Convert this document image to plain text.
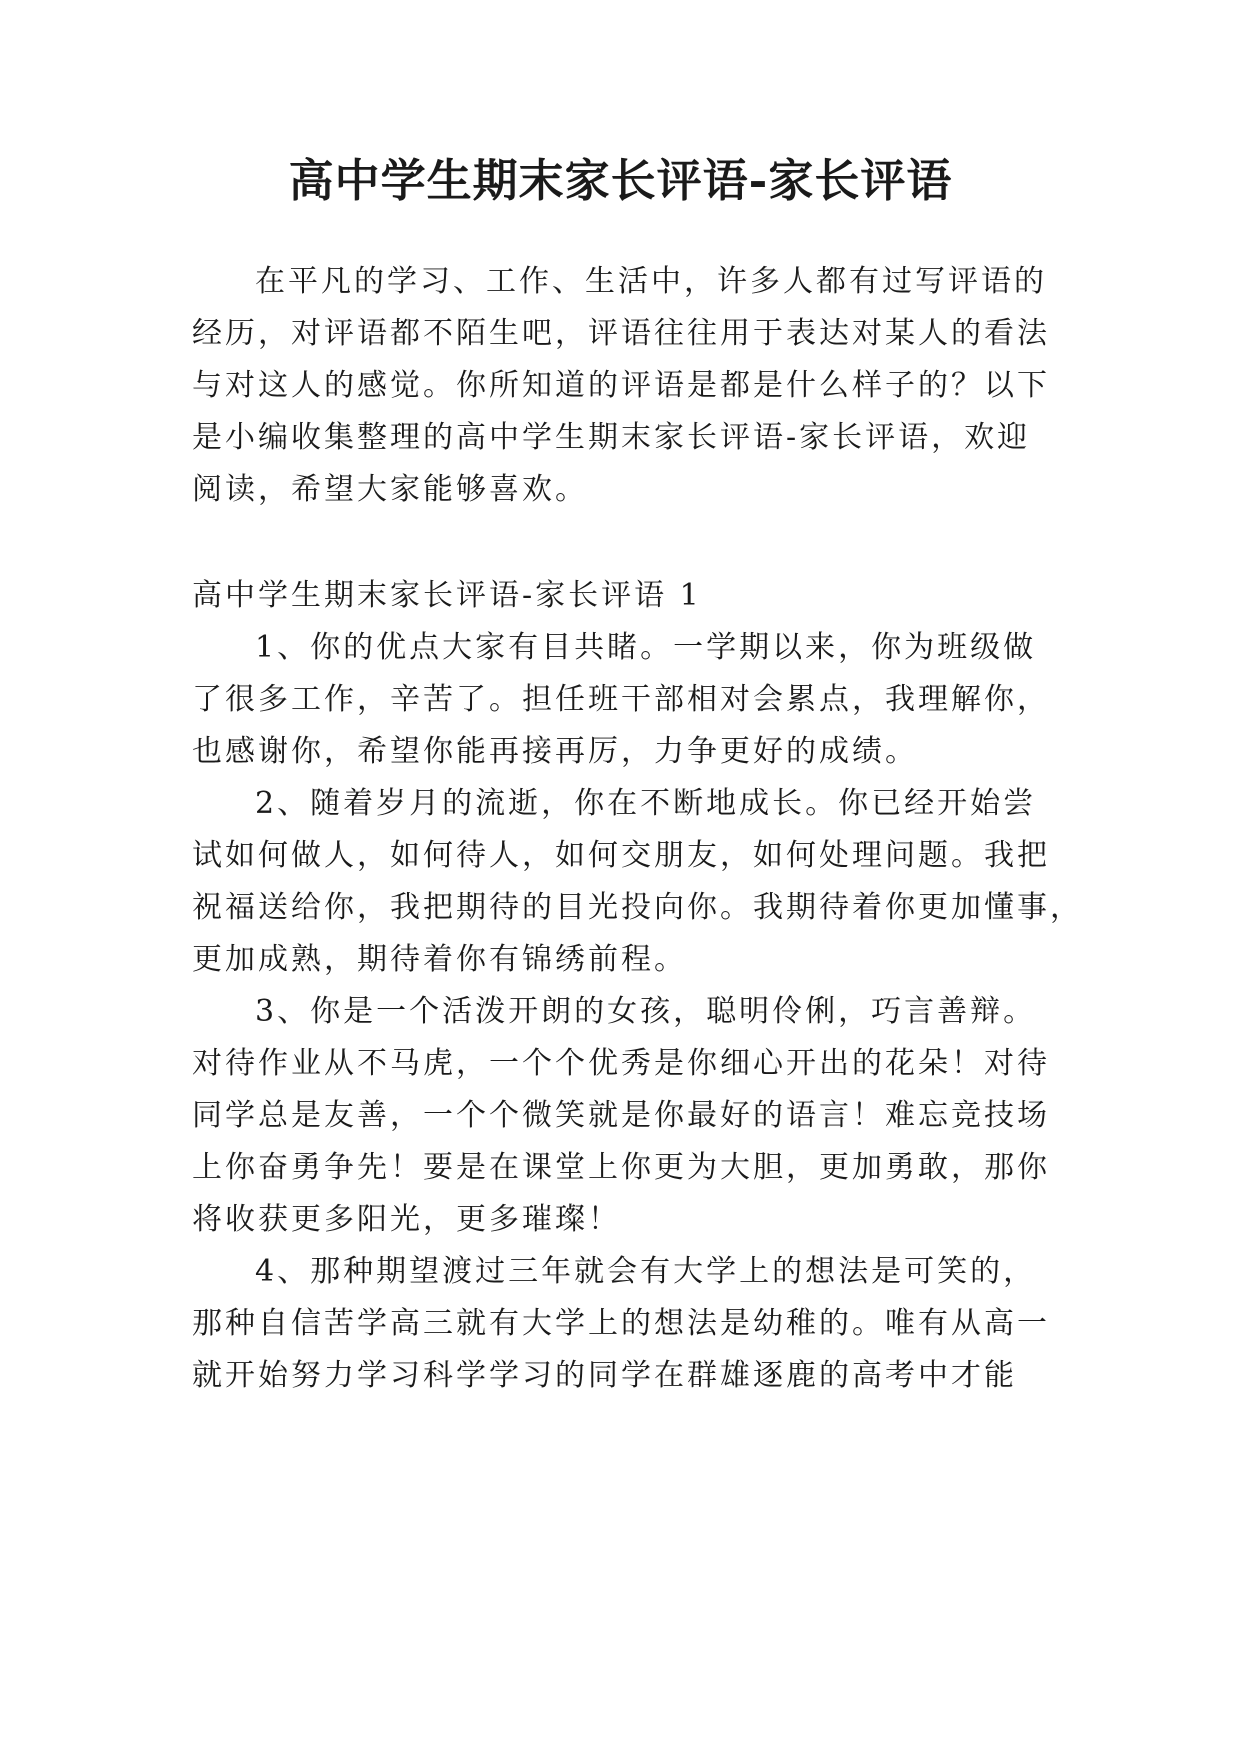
高中学生期末家长评语-家长评语
在平凡的学习、工作、生活中，许多人都有过写评语的
经历，对评语都不陌生吧，评语往往用于表达对某人的看法
与对这人的感觉。你所知道的评语是都是什么样子的？以下
是小编收集整理的高中学生期末家长评语-家长评语，欢迎
阅读，希望大家能够喜欢。
高中学生期末家长评语-家长评语 1
1、你的优点大家有目共睹。一学期以来，你为班级做
了很多工作，辛苦了。担任班干部相对会累点，我理解你，
也感谢你，希望你能再接再厉，力争更好的成绩。
2、随着岁月的流逝，你在不断地成长。你已经开始尝
试如何做人，如何待人，如何交朋友，如何处理问题。我把
祝福送给你，我把期待的目光投向你。我期待着你更加懂事，
更加成熟，期待着你有锦绣前程。
3、你是一个活泼开朗的女孩，聪明伶俐，巧言善辩。
对待作业从不马虎，一个个优秀是你细心开出的花朵！对待
同学总是友善，一个个微笑就是你最好的语言！难忘竞技场
上你奋勇争先！要是在课堂上你更为大胆，更加勇敢，那你
将收获更多阳光，更多璀璨！
4、那种期望渡过三年就会有大学上的想法是可笑的，
那种自信苦学高三就有大学上的想法是幼稚的。唯有从高一
就开始努力学习科学学习的同学在群雄逐鹿的高考中才能
